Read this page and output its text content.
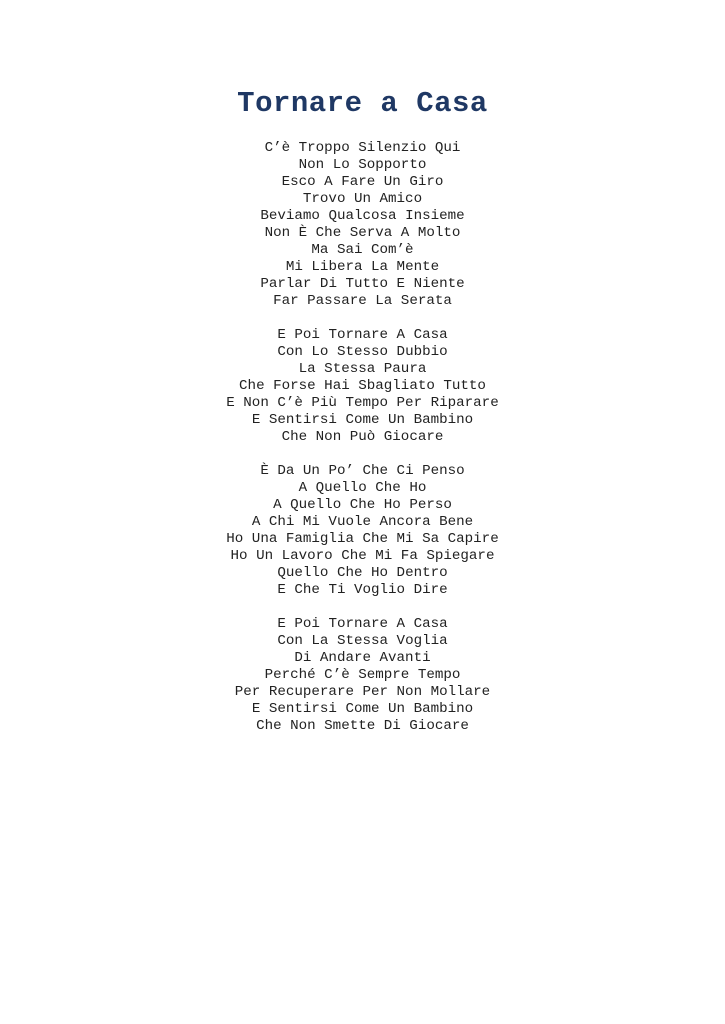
Tornare a Casa
C’è Troppo Silenzio Qui
Non Lo Sopporto
Esco A Fare Un Giro
Trovo Un Amico
Beviamo Qualcosa Insieme
Non È Che Serva A Molto
Ma Sai Com’è
Mi Libera La Mente
Parlar Di Tutto E Niente
Far Passare La Serata
E Poi Tornare A Casa
Con Lo Stesso Dubbio
La Stessa Paura
Che Forse Hai Sbagliato Tutto
E Non C’è Più Tempo Per Riparare
E Sentirsi Come Un Bambino
Che Non Può Giocare
È Da Un Po’ Che Ci Penso
A Quello Che Ho
A Quello Che Ho Perso
A Chi Mi Vuole Ancora Bene
Ho Una Famiglia Che Mi Sa Capire
Ho Un Lavoro Che Mi Fa Spiegare
Quello Che Ho Dentro
E Che Ti Voglio Dire
E Poi Tornare A Casa
Con La Stessa Voglia
Di Andare Avanti
Perché C’è Sempre Tempo
Per Recuperare Per Non Mollare
E Sentirsi Come Un Bambino
Che Non Smette Di Giocare
